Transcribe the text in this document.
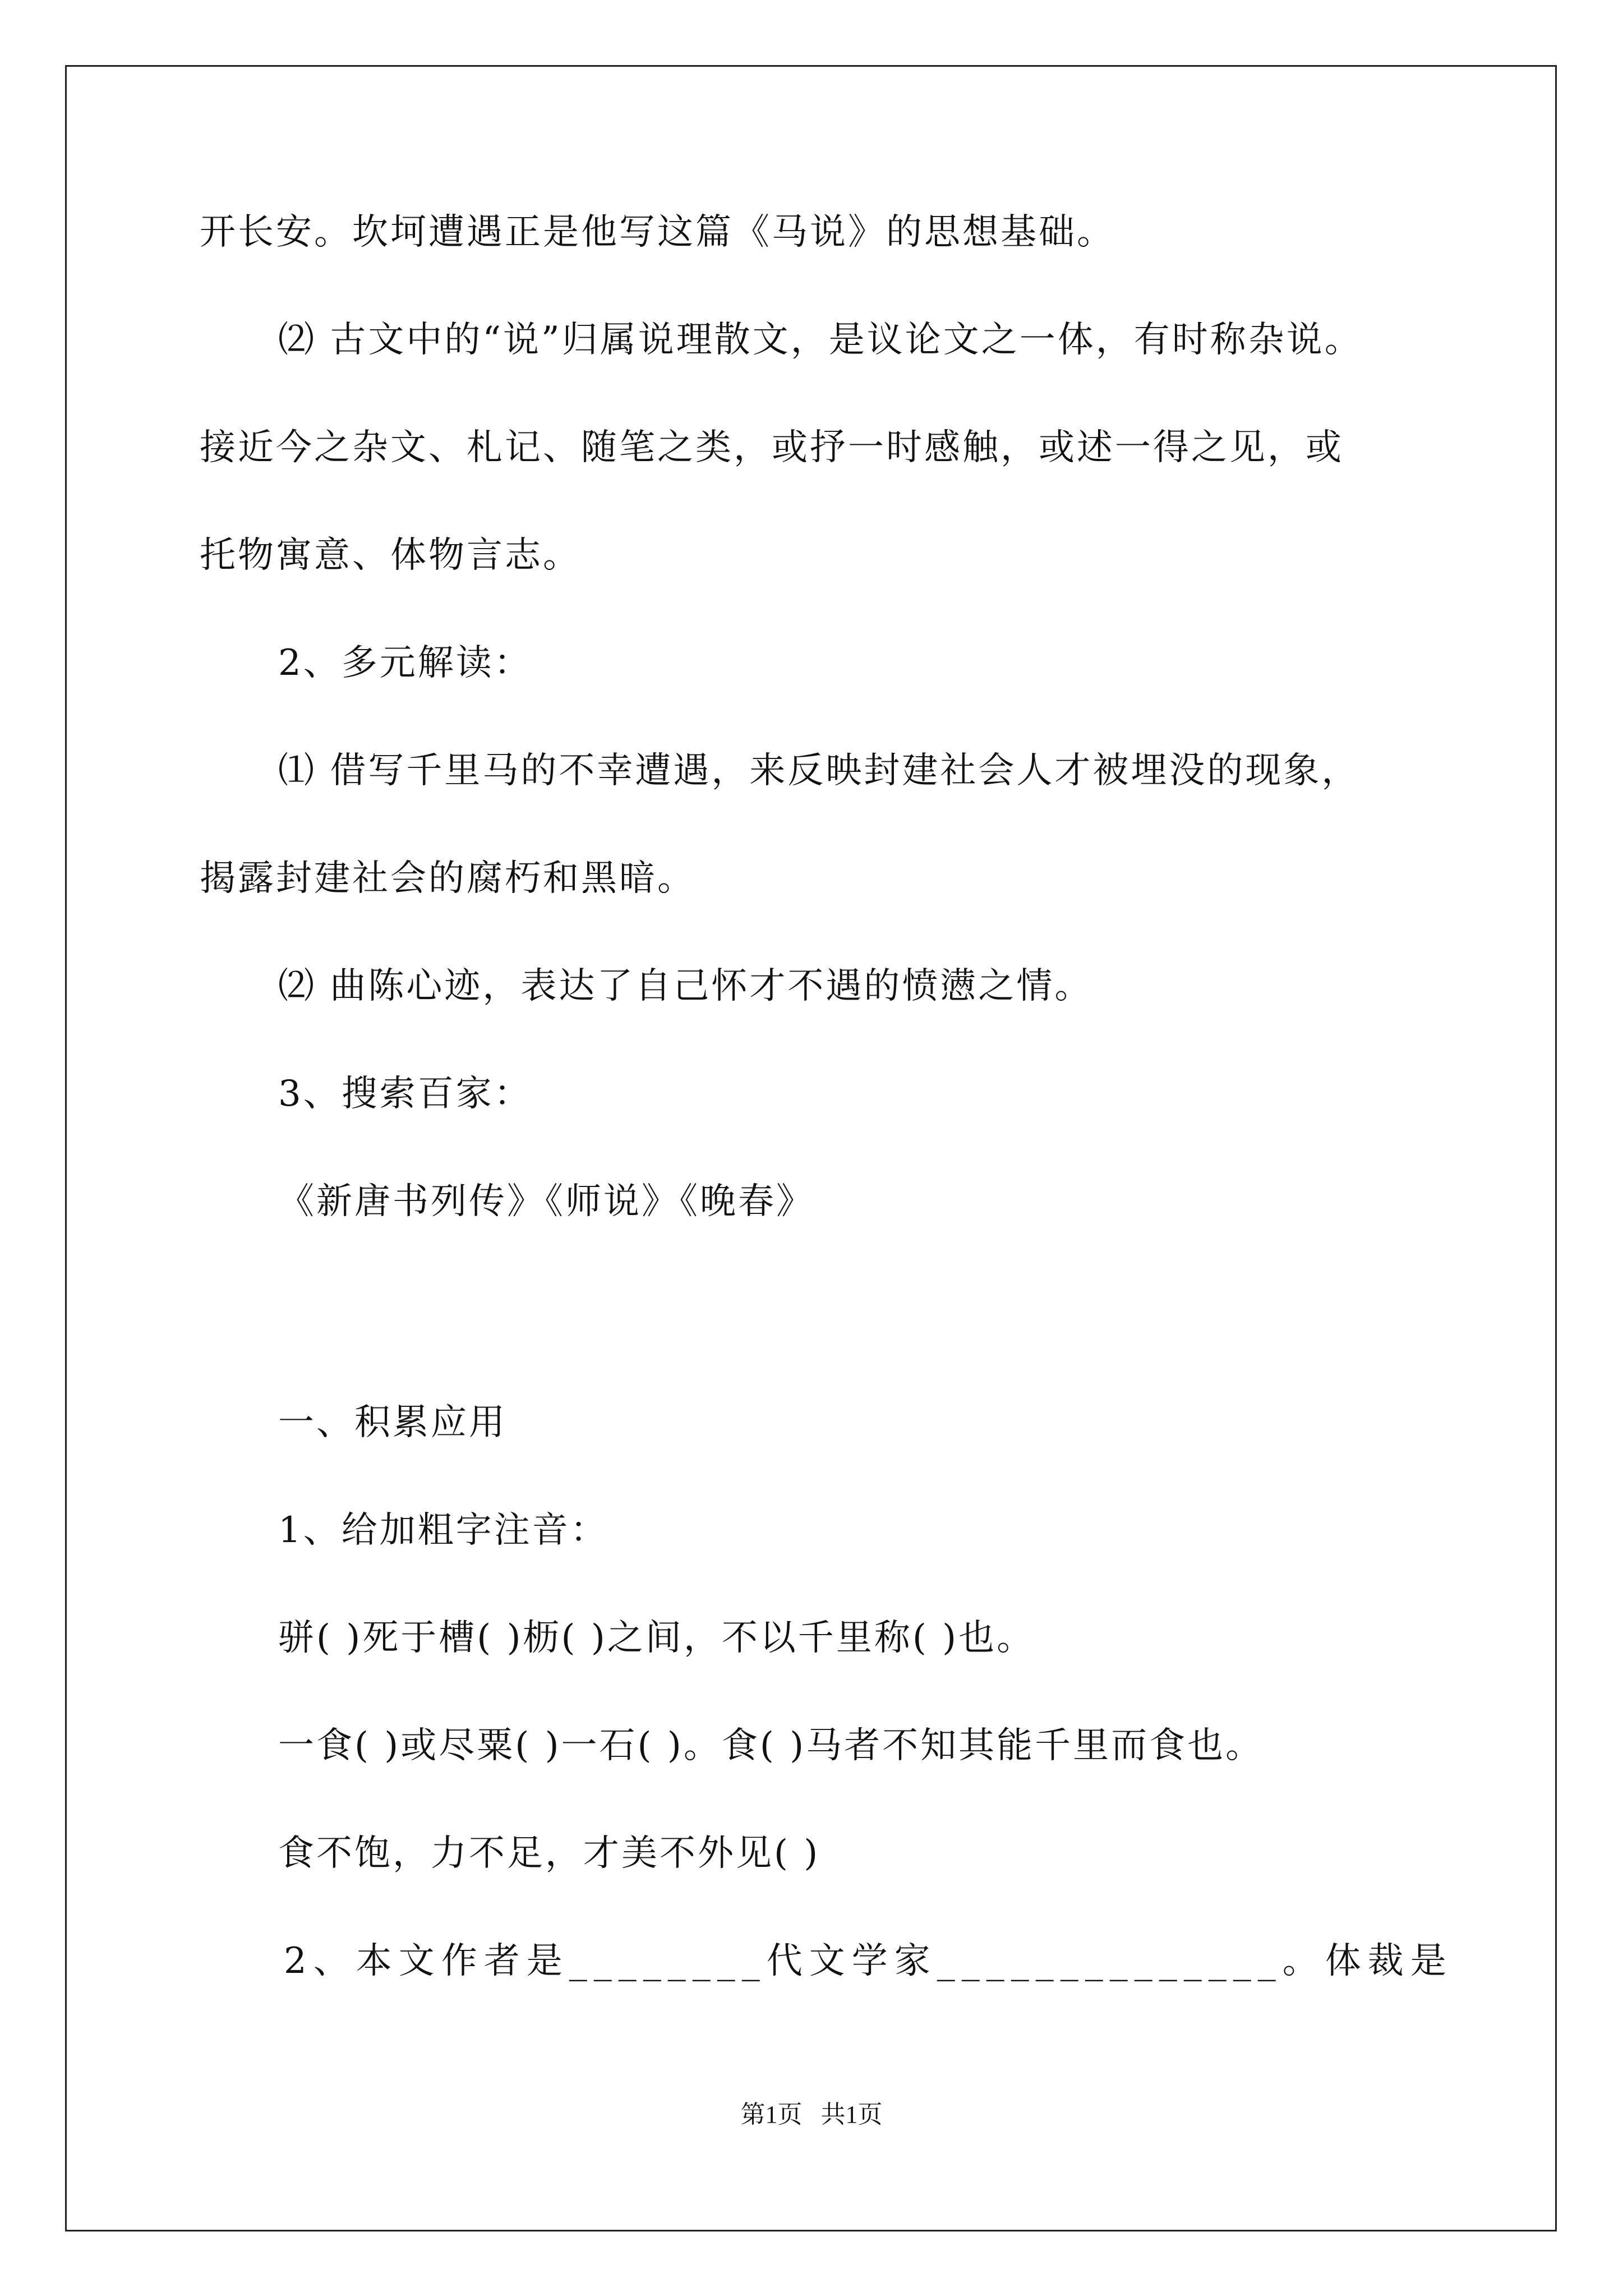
开长安。坎坷遭遇正是他写这篇《马说》的思想基础。
⑵ 古文中的“说”归属说理散文，是议论文之一体，有时称杂说。
接近今之杂文、札记、随笔之类，或抒一时感触，或述一得之见，或
托物寓意、体物言志。
2、多元解读：
⑴ 借写千里马的不幸遭遇，来反映封建社会人才被埋没的现象，
揭露封建社会的腐朽和黑暗。
⑵ 曲陈心迹，表达了自己怀才不遇的愤懑之情。
3、搜索百家：
《新唐书列传》《师说》《晚春》
一、积累应用
1、给加粗字注音：
骈( )死于槽( )枥( )之间，不以千里称( )也。
一食( )或尽粟( )一石( )。食( )马者不知其能千里而食也。
食不饱，力不足，才美不外见( )
2、本文作者是________代文学家______________。体裁是
第1页   共1页
